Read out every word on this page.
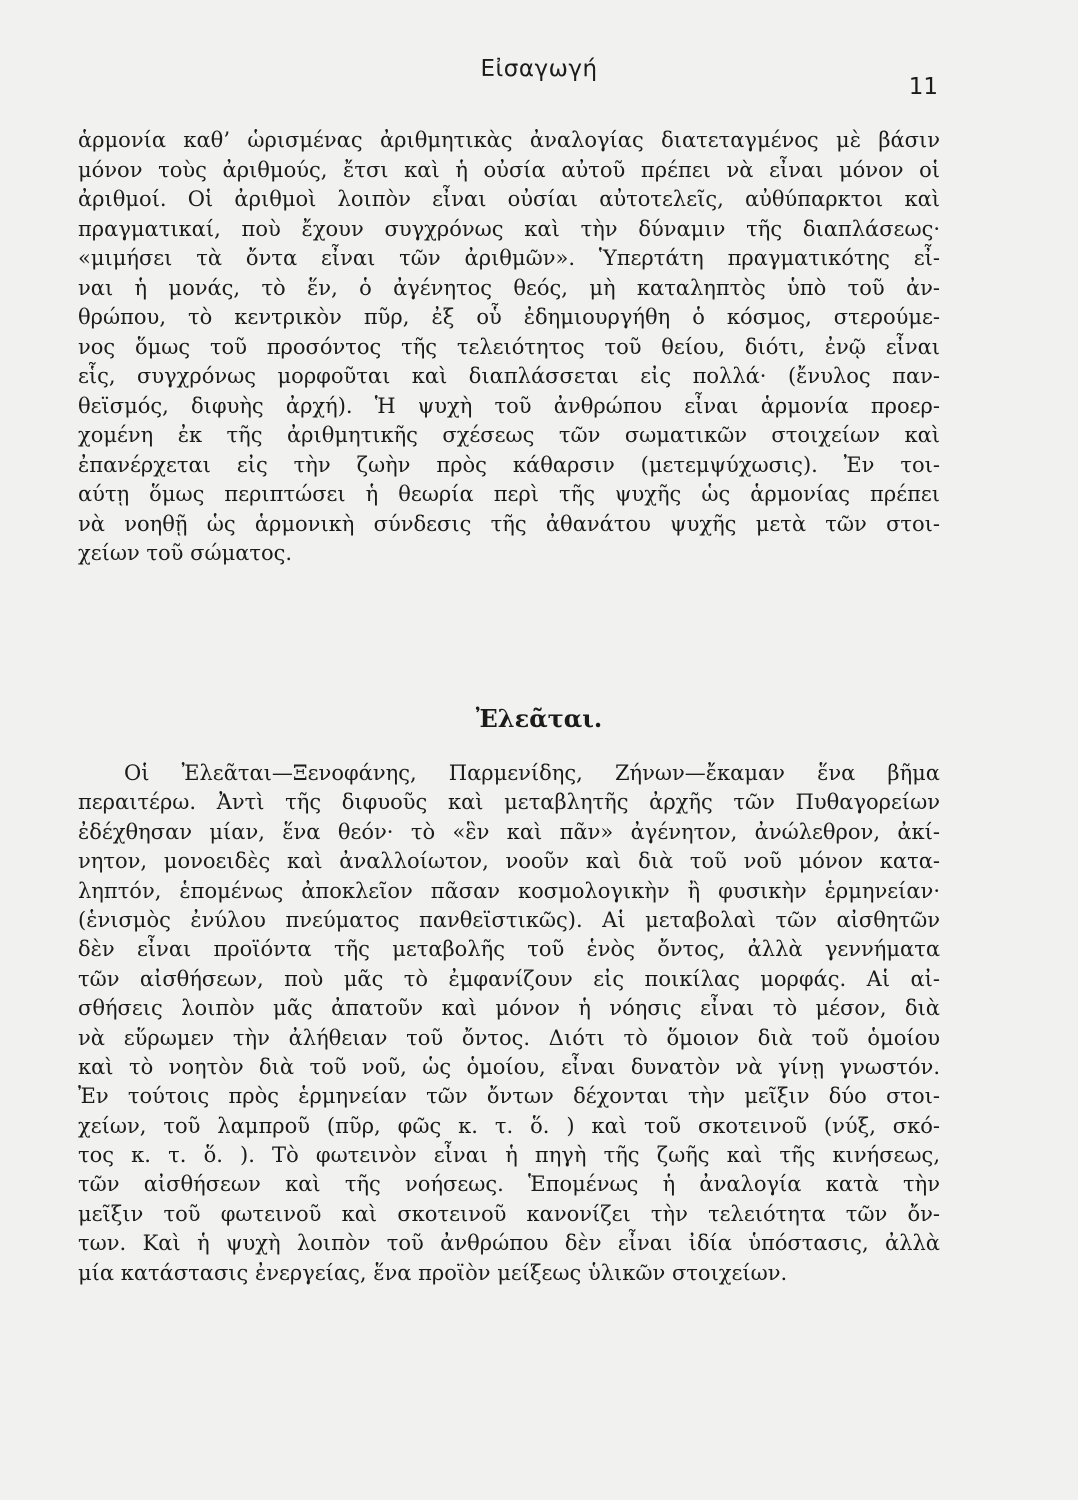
Εἰσαγωγή
11
ἁρμονία καθ’ ὡρισμένας ἀριθμητικὰς ἀναλογίας διατεταγμένος μὲ βάσιν
μόνον τοὺς ἀριθμούς, ἔτσι καὶ ἡ οὐσία αὐτοῦ πρέπει νὰ εἶναι μόνον οἱ
ἀριθμοί. Οἱ ἀριθμοὶ λοιπὸν εἶναι οὐσίαι αὐτοτελεῖς, αὐθύπαρκτοι καὶ
πραγματικαί, ποὺ ἔχουν συγχρόνως καὶ τὴν δύναμιν τῆς διαπλάσεως·
«μιμήσει τὰ ὄντα εἶναι τῶν ἀριθμῶν». Ὑπερτάτη πραγματικότης εἶ-
ναι ἡ μονάς, τὸ ἕν, ὁ ἀγένητος θεός, μὴ καταληπτὸς ὑπὸ τοῦ ἀν-
θρώπου, τὸ κεντρικὸν πῦρ, ἐξ οὗ ἐδημιουργήθη ὁ κόσμος, στερούμε-
νος ὅμως τοῦ προσόντος τῆς τελειότητος τοῦ θείου, διότι, ἐνῷ εἶναι
εἷς, συγχρόνως μορφοῦται καὶ διαπλάσσεται εἰς πολλά· (ἔνυλος παν-
θεϊσμός, διφυὴς ἀρχή). Ἡ ψυχὴ τοῦ ἀνθρώπου εἶναι ἁρμονία προερ-
χομένη ἐκ τῆς ἀριθμητικῆς σχέσεως τῶν σωματικῶν στοιχείων καὶ
ἐπανέρχεται εἰς τὴν ζωὴν πρὸς κάθαρσιν (μετεμψύχωσις). Ἐν τοι-
αύτῃ ὅμως περιπτώσει ἡ θεωρία περὶ τῆς ψυχῆς ὡς ἁρμονίας πρέπει
νὰ νοηθῇ ὡς ἁρμονικὴ σύνδεσις τῆς ἀθανάτου ψυχῆς μετὰ τῶν στοι-
χείων τοῦ σώματος.
Ἐλεᾶται.
Οἱ Ἐλεᾶται—Ξενοφάνης, Παρμενίδης, Ζήνων—ἔκαμαν ἕνα βῆμα
περαιτέρω. Ἀντὶ τῆς διφυοῦς καὶ μεταβλητῆς ἀρχῆς τῶν Πυθαγορείων
ἐδέχθησαν μίαν, ἕνα θεόν· τὸ «ἓν καὶ πᾶν» ἀγένητον, ἀνώλεθρον, ἀκί-
νητον, μονοειδὲς καὶ ἀναλλοίωτον, νοοῦν καὶ διὰ τοῦ νοῦ μόνον κατα-
ληπτόν, ἑπομένως ἀποκλεῖον πᾶσαν κοσμολογικὴν ἢ φυσικὴν ἑρμηνείαν·
(ἑνισμὸς ἐνύλου πνεύματος πανθεϊστικῶς). Αἱ μεταβολαὶ τῶν αἰσθητῶν
δὲν εἶναι προϊόντα τῆς μεταβολῆς τοῦ ἑνὸς ὄντος, ἀλλὰ γεννήματα
τῶν αἰσθήσεων, ποὺ μᾶς τὸ ἐμφανίζουν εἰς ποικίλας μορφάς. Αἱ αἰ-
σθήσεις λοιπὸν μᾶς ἀπατοῦν καὶ μόνον ἡ νόησις εἶναι τὸ μέσον, διὰ
νὰ εὕρωμεν τὴν ἀλήθειαν τοῦ ὄντος. Διότι τὸ ὅμοιον διὰ τοῦ ὁμοίου
καὶ τὸ νοητὸν διὰ τοῦ νοῦ, ὡς ὁμοίου, εἶναι δυνατὸν νὰ γίνῃ γνωστόν.
Ἐν τούτοις πρὸς ἑρμηνείαν τῶν ὄντων δέχονται τὴν μεῖξιν δύο στοι-
χείων, τοῦ λαμπροῦ (πῦρ, φῶς κ. τ. ὅ. ) καὶ τοῦ σκοτεινοῦ (νύξ, σκό-
τος κ. τ. ὅ. ). Τὸ φωτεινὸν εἶναι ἡ πηγὴ τῆς ζωῆς καὶ τῆς κινήσεως,
τῶν αἰσθήσεων καὶ τῆς νοήσεως. Ἑπομένως ἡ ἀναλογία κατὰ τὴν
μεῖξιν τοῦ φωτεινοῦ καὶ σκοτεινοῦ κανονίζει τὴν τελειότητα τῶν ὄν-
των. Καὶ ἡ ψυχὴ λοιπὸν τοῦ ἀνθρώπου δὲν εἶναι ἰδία ὑπόστασις, ἀλλὰ
μία κατάστασις ἐνεργείας, ἕνα προϊὸν μείξεως ὑλικῶν στοιχείων.
